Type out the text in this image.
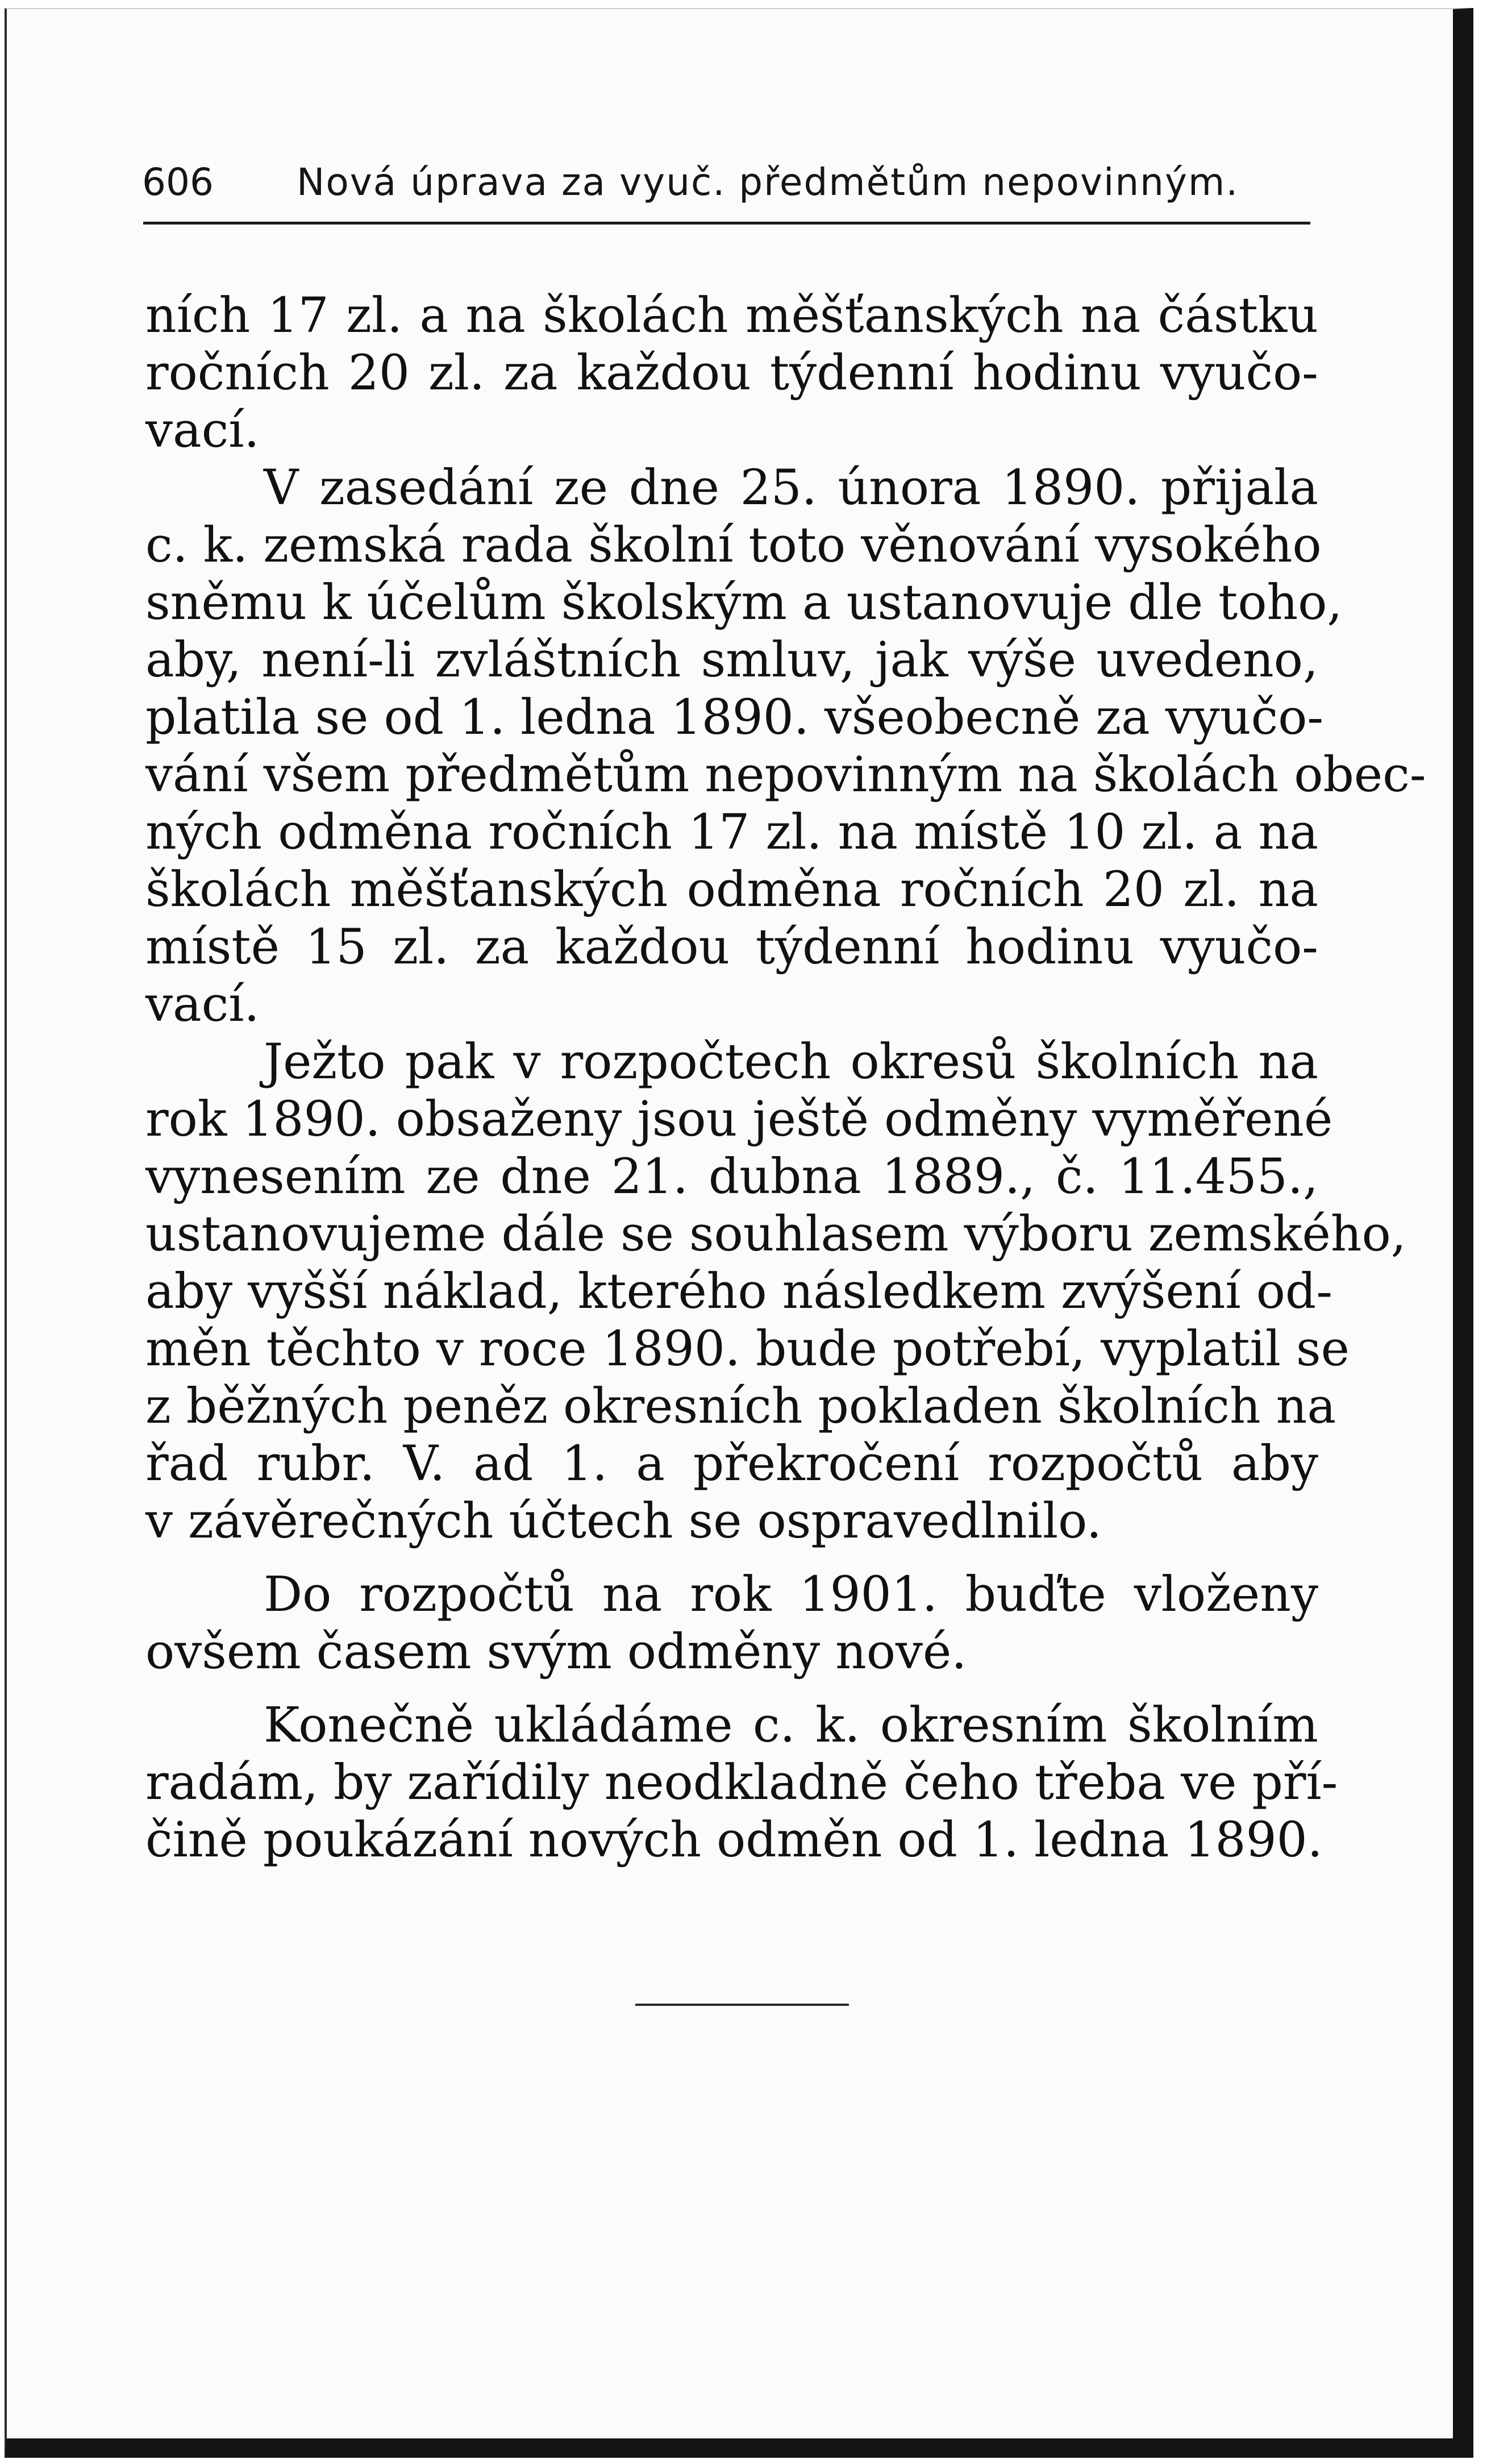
606 Nová úprava za vyuč. předmětům nepovinným.
ních 17 zl. a na školách měšťanských na částku
ročních 20 zl. za každou týdenní hodinu vyučo-
vací.
V zasedání ze dne 25. února 1890. přijala
c. k. zemská rada školní toto věnování vysokého
sněmu k účelům školským a ustanovuje dle toho,
aby, není-li zvláštních smluv, jak výše uvedeno,
platila se od 1. ledna 1890. všeobecně za vyučo-
vání všem předmětům nepovinným na školách obec-
ných odměna ročních 17 zl. na místě 10 zl. a na
školách měšťanských odměna ročních 20 zl. na
místě 15 zl. za každou týdenní hodinu vyučo-
vací.
Ježto pak v rozpočtech okresů školních na
rok 1890. obsaženy jsou ještě odměny vyměřené
vynesením ze dne 21. dubna 1889., č. 11.455.,
ustanovujeme dále se souhlasem výboru zemského,
aby vyšší náklad, kterého následkem zvýšení od-
měn těchto v roce 1890. bude potřebí, vyplatil se
z běžných peněz okresních pokladen školních na
řad rubr. V. ad 1. a překročení rozpočtů aby
v závěrečných účtech se ospravedlnilo.
Do rozpočtů na rok 1901. buďte vloženy
ovšem časem svým odměny nové.
Konečně ukládáme c. k. okresním školním
radám, by zařídily neodkladně čeho třeba ve pří-
čině poukázání nových odměn od 1. ledna 1890.
